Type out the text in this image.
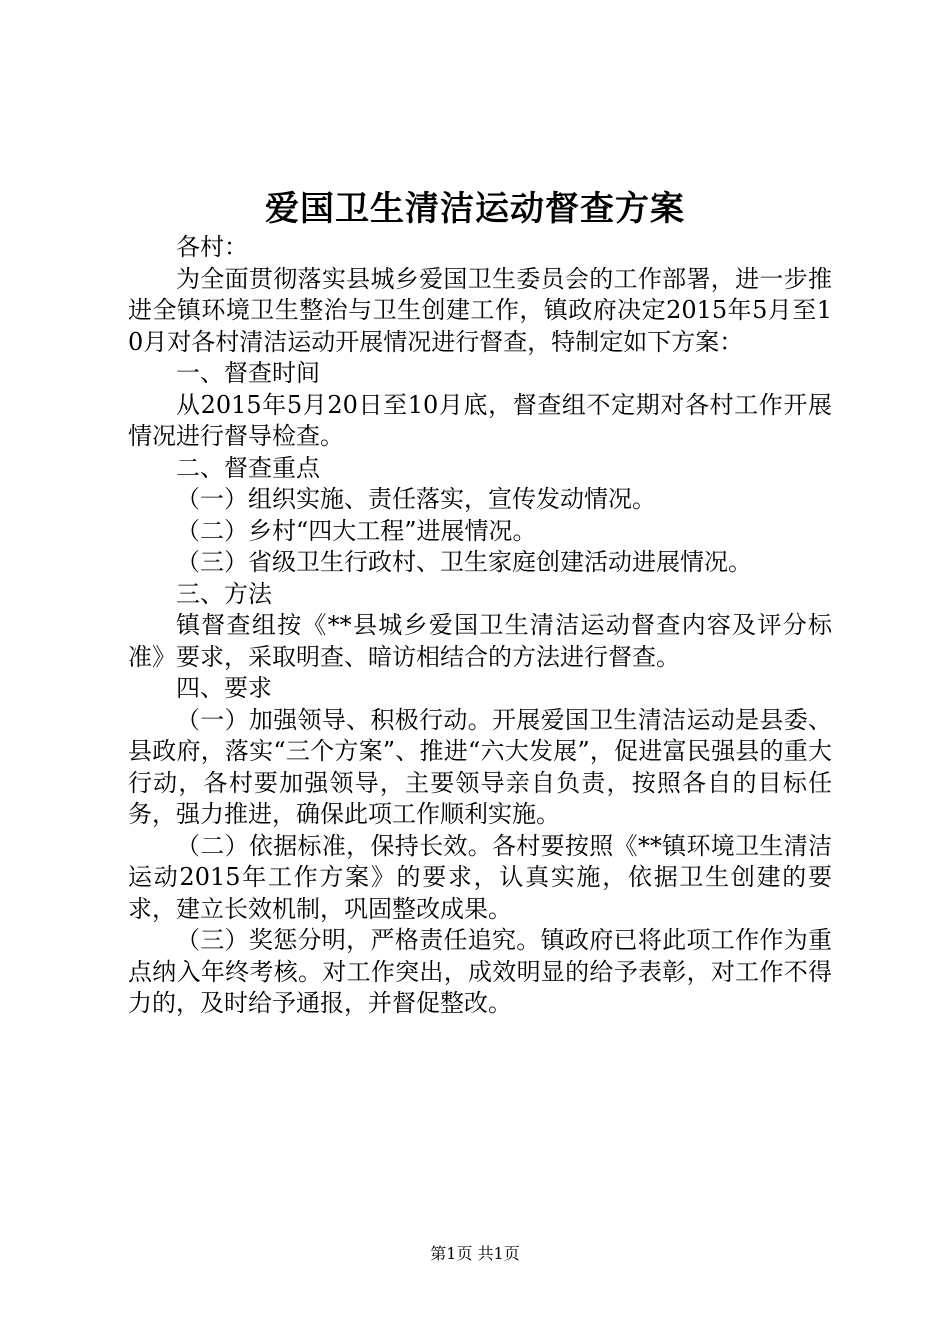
爱国卫生清洁运动督查方案

各村：

为全面贯彻落实县城乡爱国卫生委员会的工作部署，进一步推进全镇环境卫生整治与卫生创建工作，镇政府决定2015年5月至10月对各村清洁运动开展情况进行督查，特制定如下方案：

一、督查时间

从2015年5月20日至10月底，督查组不定期对各村工作开展情况进行督导检查。

二、督查重点

（一）组织实施、责任落实，宣传发动情况。

（二）乡村“四大工程”进展情况。

（三）省级卫生行政村、卫生家庭创建活动进展情况。

三、方法

镇督查组按《**县城乡爱国卫生清洁运动督查内容及评分标准》要求，采取明查、暗访相结合的方法进行督查。

四、要求

（一）加强领导、积极行动。开展爱国卫生清洁运动是县委、县政府，落实“三个方案”、推进“六大发展”，促进富民强县的重大行动，各村要加强领导，主要领导亲自负责，按照各自的目标任务，强力推进，确保此项工作顺利实施。

（二）依据标准，保持长效。各村要按照《**镇环境卫生清洁运动2015年工作方案》的要求，认真实施，依据卫生创建的要求，建立长效机制，巩固整改成果。

（三）奖惩分明，严格责任追究。镇政府已将此项工作作为重点纳入年终考核。对工作突出，成效明显的给予表彰，对工作不得力的，及时给予通报，并督促整改。

第1页 共1页
